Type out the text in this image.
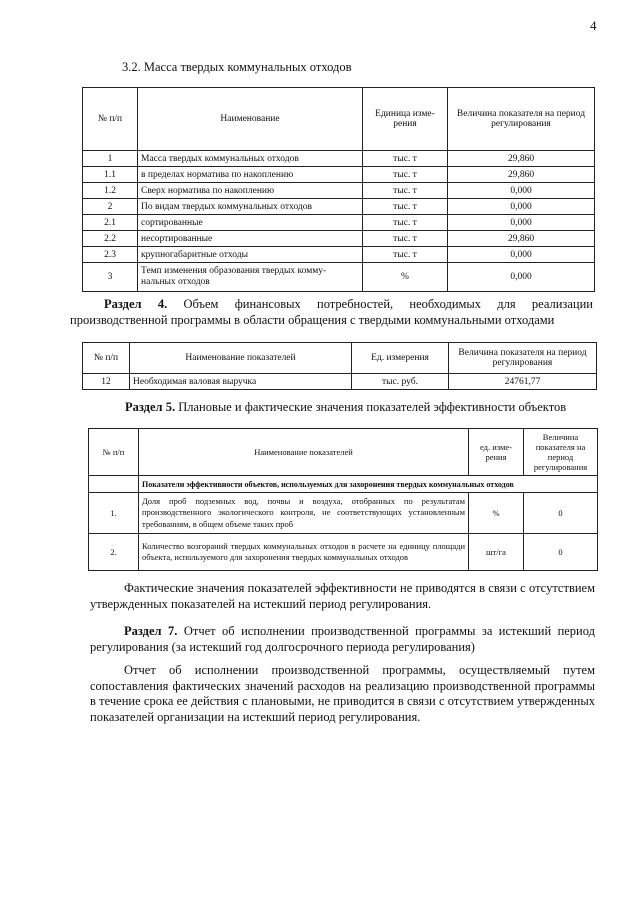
4
3.2. Масса твердых коммунальных отходов
№ п/п	Наименование	Единица изме-рения	Величина показателя на период регулирования
1	Масса твердых коммунальных отходов	тыс. т	29,860
1.1	в пределах норматива по накоплению	тыс. т	29,860
1.2	Сверх норматива по накоплению	тыс. т	0,000
2	По видам твердых коммунальных отходов	тыс. т	0,000
2.1	сортированные	тыс. т	0,000
2.2	несортированные	тыс. т	29,860
2.3	крупногабаритные отходы	тыс. т	0,000
3	Темп изменения образования твердых комму-нальных отходов	%	0,000
Раздел 4. Объем финансовых потребностей, необходимых для реализации производственной программы в области обращения с твердыми коммунальными отходами
№ п/п	Наименование показателей	Ед. измерения	Величина показателя на период регулирования
12	Необходимая валовая выручка	тыс. руб.	24761,77
Раздел 5. Плановые и фактические значения показателей эффективности объектов
№ п/п	Наименование показателей	ед. изме-рения	Величина показателя на период регулирования
	Показатели эффективности объектов, используемых для захоронения твердых коммунальных отходов		
1.	Доля проб подземных вод, почвы и воздуха, отобранных по результатам производственного экологического контроля, не соответствующих установленным требованиям, в общем объеме таких проб	%	0
2.	Количество возгораний твердых коммунальных отходов в расчете на единицу площади объекта, используемого для захоронения твердых коммунальных отходов	шт/га	0
Фактические значения показателей эффективности не приводятся в связи с отсутствием утвержденных показателей на истекший период регулирования.
Раздел 7. Отчет об исполнении производственной программы за истекший период регулирования (за истекший год долгосрочного периода регулирования)
Отчет об исполнении производственной программы, осуществляемый путем сопоставления фактических значений расходов на реализацию производственной программы в течение срока ее действия с плановыми, не приводится в связи с отсутствием утвержденных показателей организации на истекший период регулирования.
